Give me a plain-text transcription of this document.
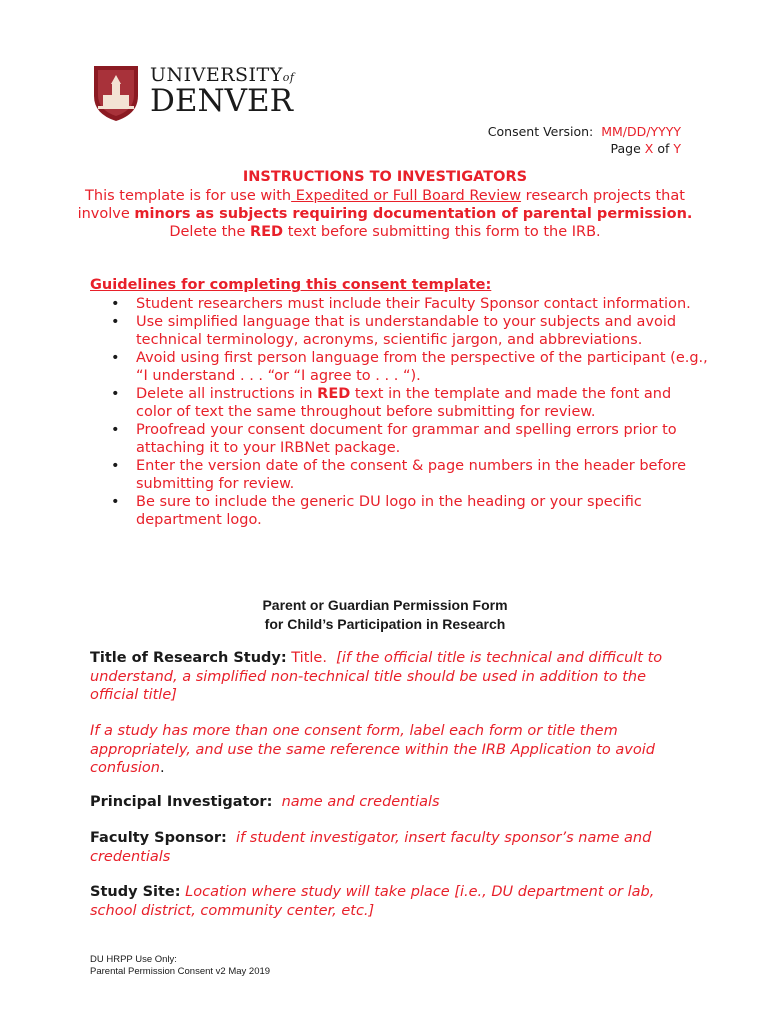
UNIVERSITYof
DENVER
Consent Version: MM/DD/YYYY
Page X of Y
INSTRUCTIONS TO INVESTIGATORS
This template is for use with Expedited or Full Board Review research projects that involve minors as subjects requiring documentation of parental permission.
Delete the RED text before submitting this form to the IRB.
Guidelines for completing this consent template:
• Student researchers must include their Faculty Sponsor contact information.
• Use simplified language that is understandable to your subjects and avoid technical terminology, acronyms, scientific jargon, and abbreviations.
• Avoid using first person language from the perspective of the participant (e.g., “I understand . . . “or “I agree to . . . “).
• Delete all instructions in RED text in the template and made the font and color of text the same throughout before submitting for review.
• Proofread your consent document for grammar and spelling errors prior to attaching it to your IRBNet package.
• Enter the version date of the consent & page numbers in the header before submitting for review.
• Be sure to include the generic DU logo in the heading or your specific department logo.
Parent or Guardian Permission Form
for Child’s Participation in Research
Title of Research Study: Title. [if the official title is technical and difficult to understand, a simplified non-technical title should be used in addition to the official title]
If a study has more than one consent form, label each form or title them appropriately, and use the same reference within the IRB Application to avoid confusion.
Principal Investigator: name and credentials
Faculty Sponsor: if student investigator, insert faculty sponsor’s name and credentials
Study Site: Location where study will take place [i.e., DU department or lab, school district, community center, etc.]
DU HRPP Use Only:
Parental Permission Consent v2 May 2019
